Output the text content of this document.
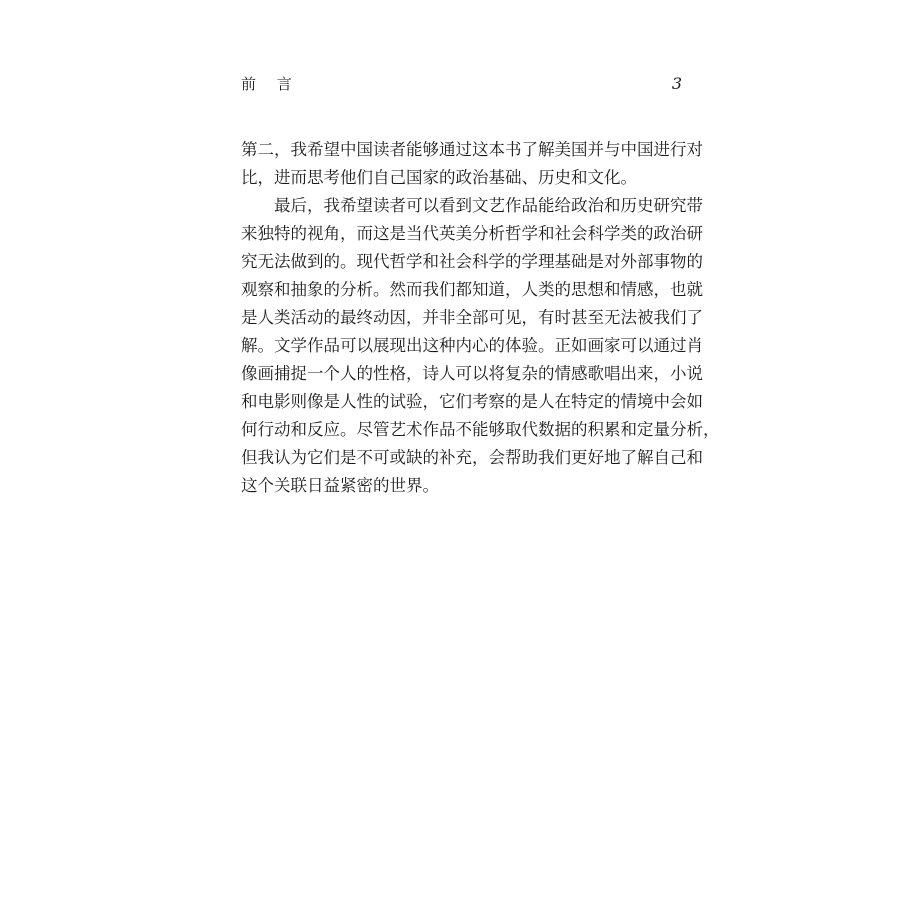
前 言	3
第二，我希望中国读者能够通过这本书了解美国并与中国进行对
比，进而思考他们自己国家的政治基础、历史和文化。
最后，我希望读者可以看到文艺作品能给政治和历史研究带
来独特的视角，而这是当代英美分析哲学和社会科学类的政治研
究无法做到的。现代哲学和社会科学的学理基础是对外部事物的
观察和抽象的分析。然而我们都知道，人类的思想和情感，也就
是人类活动的最终动因，并非全部可见，有时甚至无法被我们了
解。文学作品可以展现出这种内心的体验。正如画家可以通过肖
像画捕捉一个人的性格，诗人可以将复杂的情感歌唱出来，小说
和电影则像是人性的试验，它们考察的是人在特定的情境中会如
何行动和反应。尽管艺术作品不能够取代数据的积累和定量分析，
但我认为它们是不可或缺的补充，会帮助我们更好地了解自己和
这个关联日益紧密的世界。
